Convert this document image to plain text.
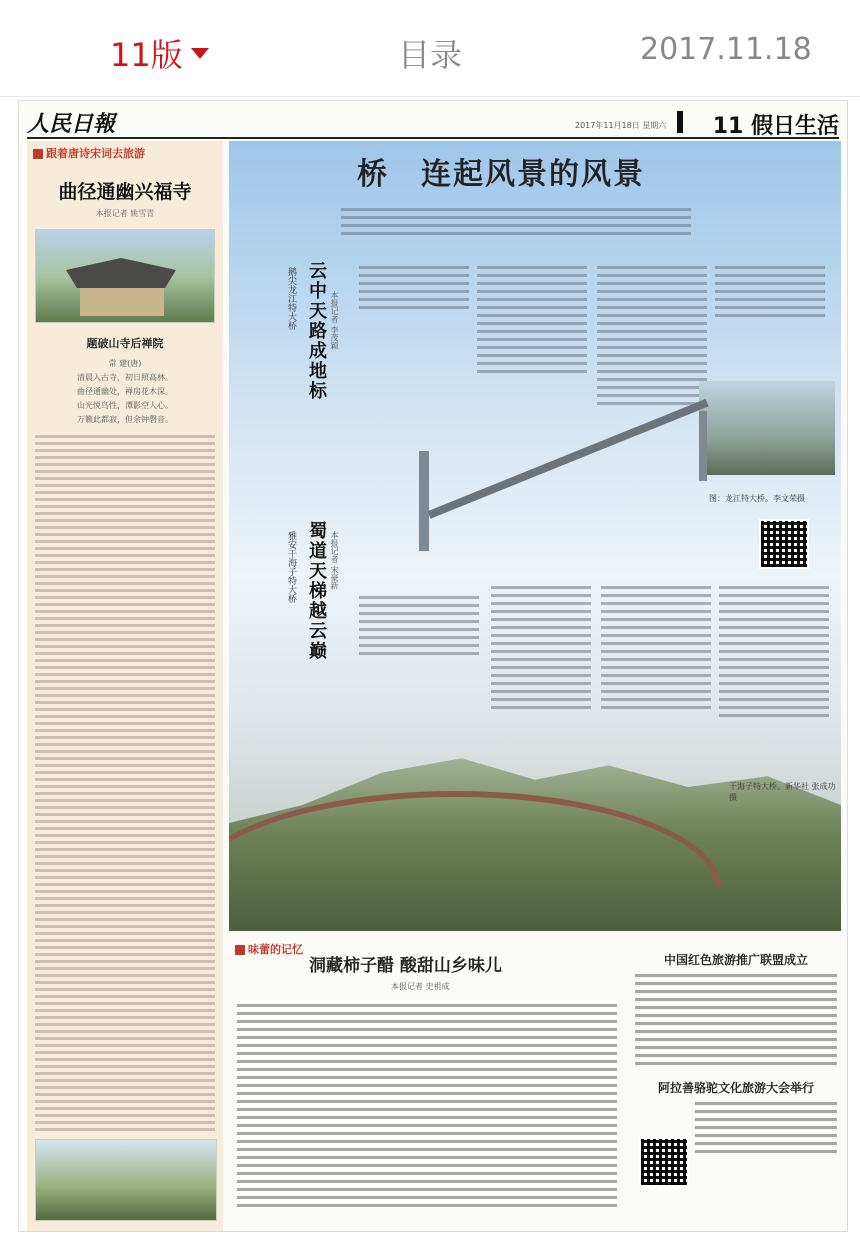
11版	目录	2017.11.18
人民日報	2017年11月18日 星期六 11 假日生活
跟着唐诗宋词去旅游
曲径通幽兴福寺
本报记者 姚雪青
题破山寺后禅院
常 建(唐)
清晨入古寺，初日照高林。
曲径通幽处，禅房花木深。
山光悦鸟性，潭影空人心。
万籁此都寂，但余钟磬音。
桥　连起风景的风景
云中天路成地标
鹅尖龙江特大桥	本报记者 李茂颖
图：龙江特大桥。李文荣摄
蜀道天梯越云巅
雅安干海子特大桥	本报记者 宋豪新
干海子特大桥。新华社 张成功摄
味蕾的记忆
洞藏柿子醋 酸甜山乡味儿
本报记者 史祖成
中国红色旅游推广联盟成立
阿拉善骆驼文化旅游大会举行
